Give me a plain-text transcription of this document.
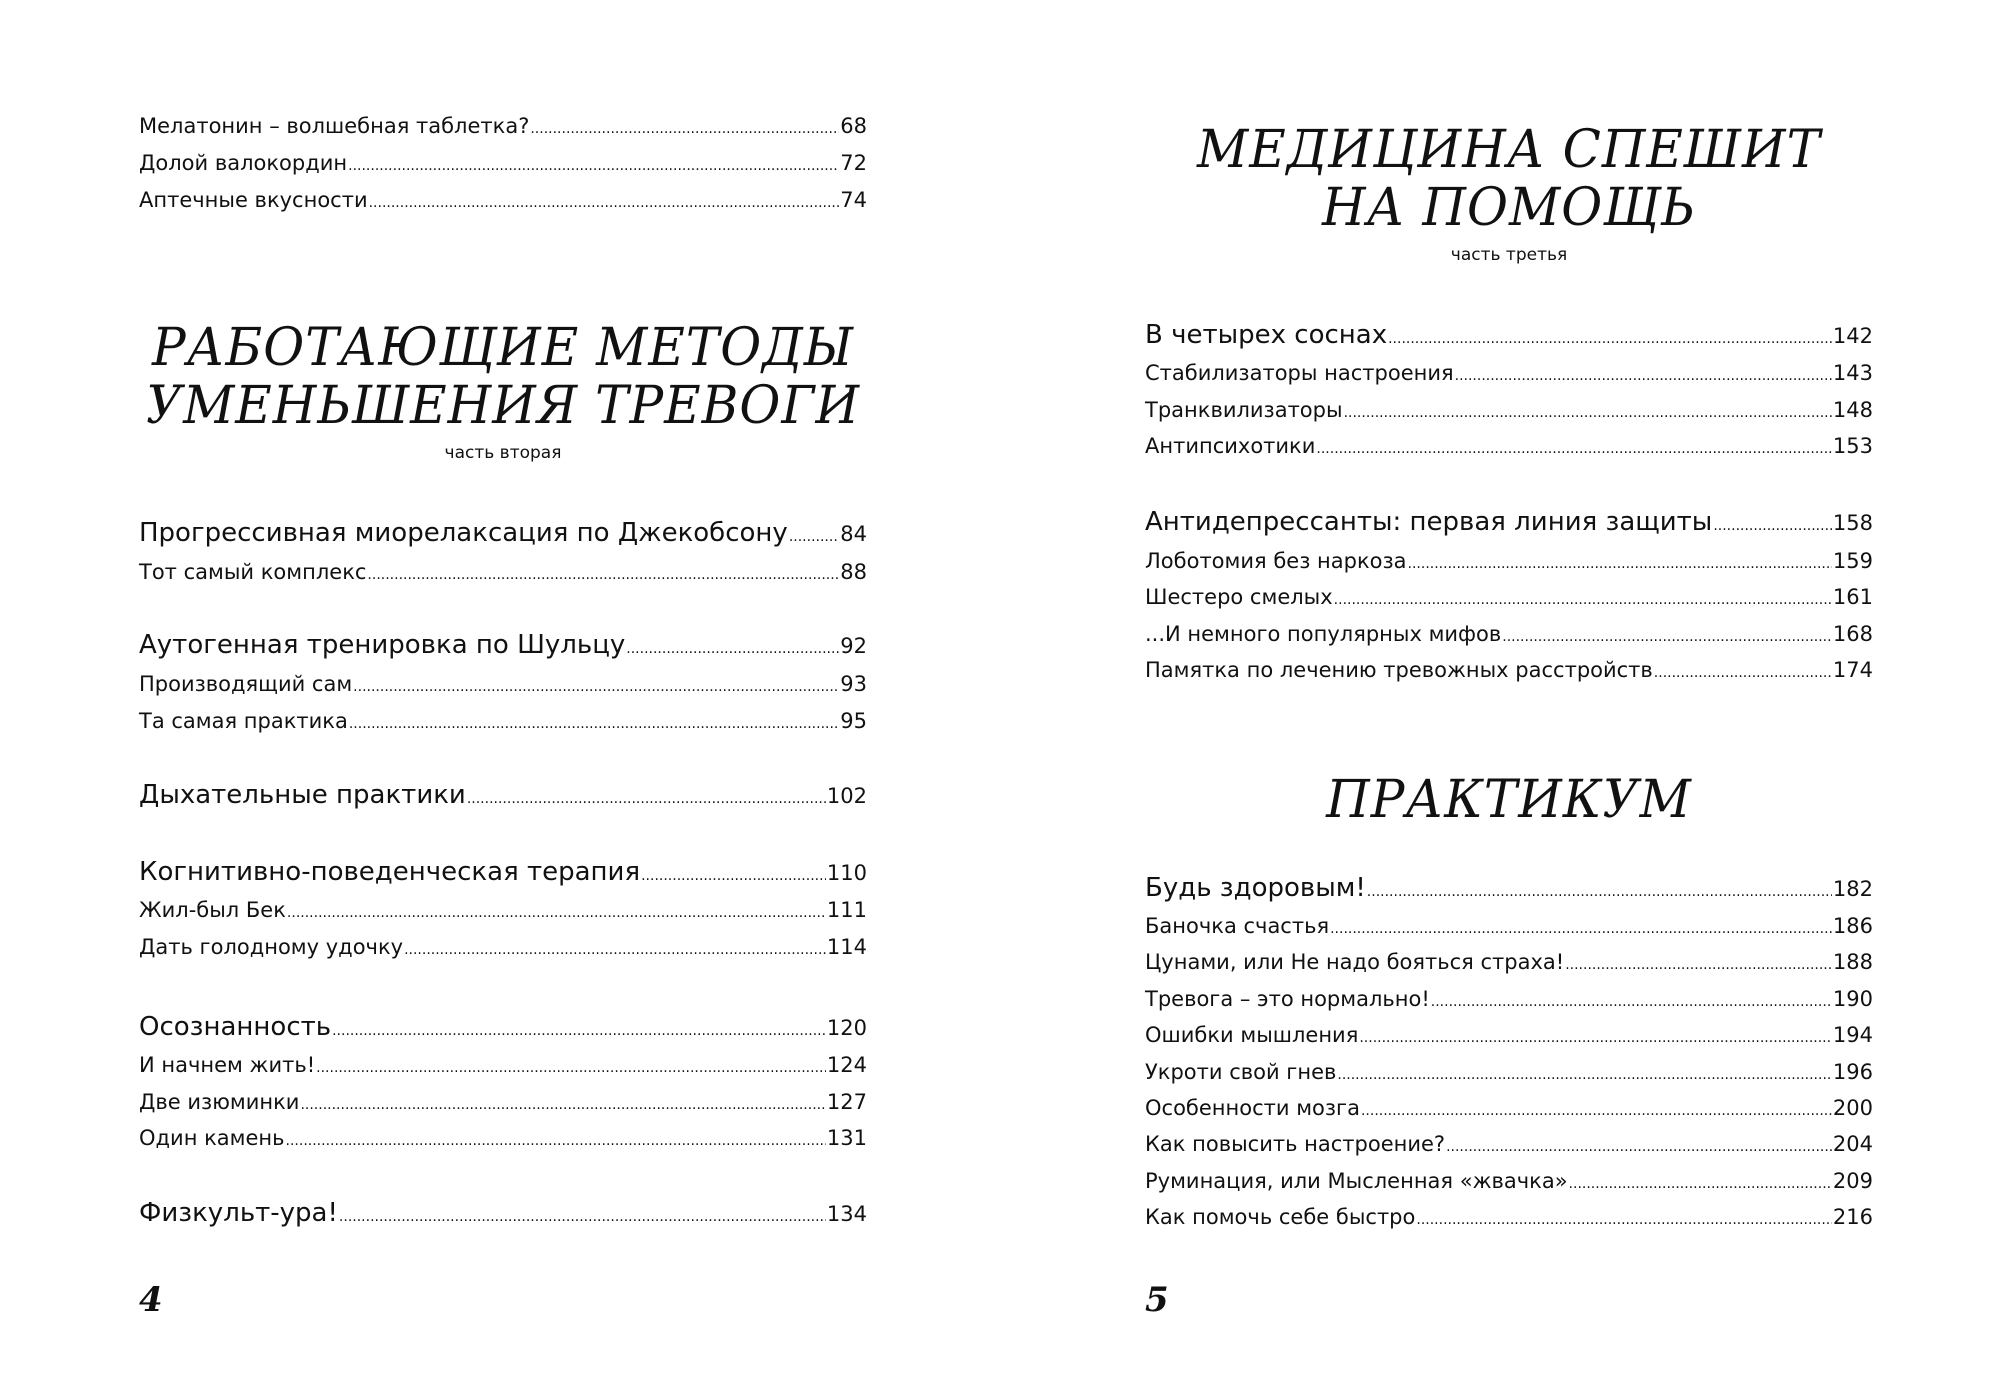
Мелатонин – волшебная таблетка? .....	68
Долой валокордин .....	72
Аптечные вкусности .....	74
РАБОТАЮЩИЕ МЕТОДЫ
УМЕНЬШЕНИЯ ТРЕВОГИ
часть вторая
Прогрессивная миорелаксация по Джекобсону ..... 84
Тот самый комплекс .....	88
Аутогенная тренировка по Шульцу .....	92
Производящий сам .....	93
Та самая практика .....	95
Дыхательные практики .....	102
Когнитивно-поведенческая терапия .....	110
Жил-был Бек .....	111
Дать голодному удочку .....	114
Осознанность .....	120
И начнем жить! .....	124
Две изюминки .....	127
Один камень .....	131
Физкульт-ура! .....	134
4
МЕДИЦИНА СПЕШИТ
НА ПОМОЩЬ
часть третья
В четырех соснах .....	142
Стабилизаторы настроения .....	143
Транквилизаторы .....	148
Антипсихотики .....	153
Антидепрессанты: первая линия защиты .....	158
Лоботомия без наркоза .....	159
Шестеро смелых .....	161
...И немного популярных мифов .....	168
Памятка по лечению тревожных расстройств .....	174
ПРАКТИКУМ
Будь здоровым! .....	182
Баночка счастья .....	186
Цунами, или Не надо бояться страха! .....	188
Тревога – это нормально! .....	190
Ошибки мышления .....	194
Укроти свой гнев .....	196
Особенности мозга .....	200
Как повысить настроение? .....	204
Руминация, или Мысленная «жвачка» .....	209
Как помочь себе быстро .....	216
5
